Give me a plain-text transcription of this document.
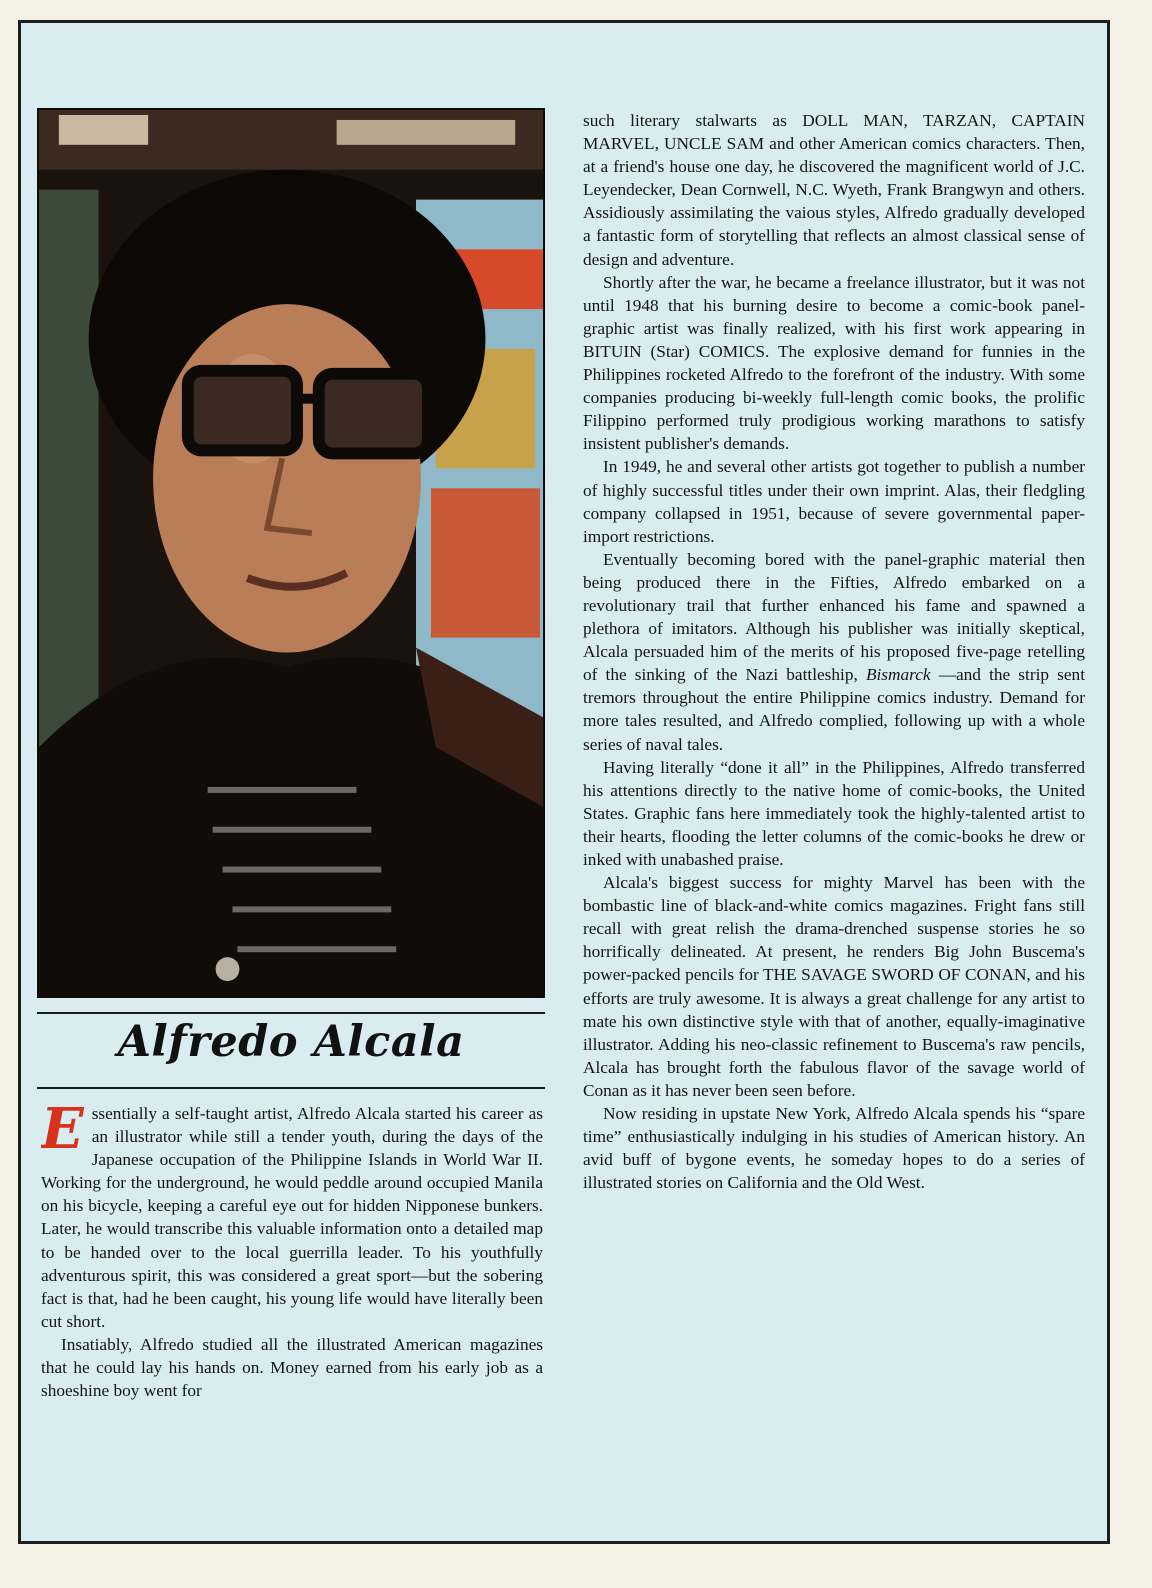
Alfredo Alcala

Essentially a self-taught artist, Alfredo Alcala started his career as an illustrator while still a tender youth, during the days of the Japanese occupation of the Philippine Islands in World War II. Working for the underground, he would peddle around occupied Manila on his bicycle, keeping a careful eye out for hidden Nipponese bunkers. Later, he would transcribe this valuable information onto a detailed map to be handed over to the local guerrilla leader. To his youthfully adventurous spirit, this was considered a great sport—but the sobering fact is that, had he been caught, his young life would have literally been cut short.

Insatiably, Alfredo studied all the illustrated American magazines that he could lay his hands on. Money earned from his early job as a shoeshine boy went for

such literary stalwarts as DOLL MAN, TARZAN, CAPTAIN MARVEL, UNCLE SAM and other American comics characters. Then, at a friend's house one day, he discovered the magnificent world of J.C. Leyendecker, Dean Cornwell, N.C. Wyeth, Frank Brangwyn and others. Assidiously assimilating the vaious styles, Alfredo gradually developed a fantastic form of storytelling that reflects an almost classical sense of design and adventure.

Shortly after the war, he became a freelance illustrator, but it was not until 1948 that his burning desire to become a comic-book panel-graphic artist was finally realized, with his first work appearing in BITUIN (Star) COMICS. The explosive demand for funnies in the Philippines rocketed Alfredo to the forefront of the industry. With some companies producing bi-weekly full-length comic books, the prolific Filippino performed truly prodigious working marathons to satisfy insistent publisher's demands.

In 1949, he and several other artists got together to publish a number of highly successful titles under their own imprint. Alas, their fledgling company collapsed in 1951, because of severe governmental paper-import restrictions.

Eventually becoming bored with the panel-graphic material then being produced there in the Fifties, Alfredo embarked on a revolutionary trail that further enhanced his fame and spawned a plethora of imitators. Although his publisher was initially skeptical, Alcala persuaded him of the merits of his proposed five-page retelling of the sinking of the Nazi battleship, Bismarck —and the strip sent tremors throughout the entire Philippine comics industry. Demand for more tales resulted, and Alfredo complied, following up with a whole series of naval tales.

Having literally “done it all” in the Philippines, Alfredo transferred his attentions directly to the native home of comic-books, the United States. Graphic fans here immediately took the highly-talented artist to their hearts, flooding the letter columns of the comic-books he drew or inked with unabashed praise.

Alcala's biggest success for mighty Marvel has been with the bombastic line of black-and-white comics magazines. Fright fans still recall with great relish the drama-drenched suspense stories he so horrifically delineated. At present, he renders Big John Buscema's power-packed pencils for THE SAVAGE SWORD OF CONAN, and his efforts are truly awesome. It is always a great challenge for any artist to mate his own distinctive style with that of another, equally-imaginative illustrator. Adding his neo-classic refinement to Buscema's raw pencils, Alcala has brought forth the fabulous flavor of the savage world of Conan as it has never been seen before.

Now residing in upstate New York, Alfredo Alcala spends his “spare time” enthusiastically indulging in his studies of American history. An avid buff of bygone events, he someday hopes to do a series of illustrated stories on California and the Old West.
